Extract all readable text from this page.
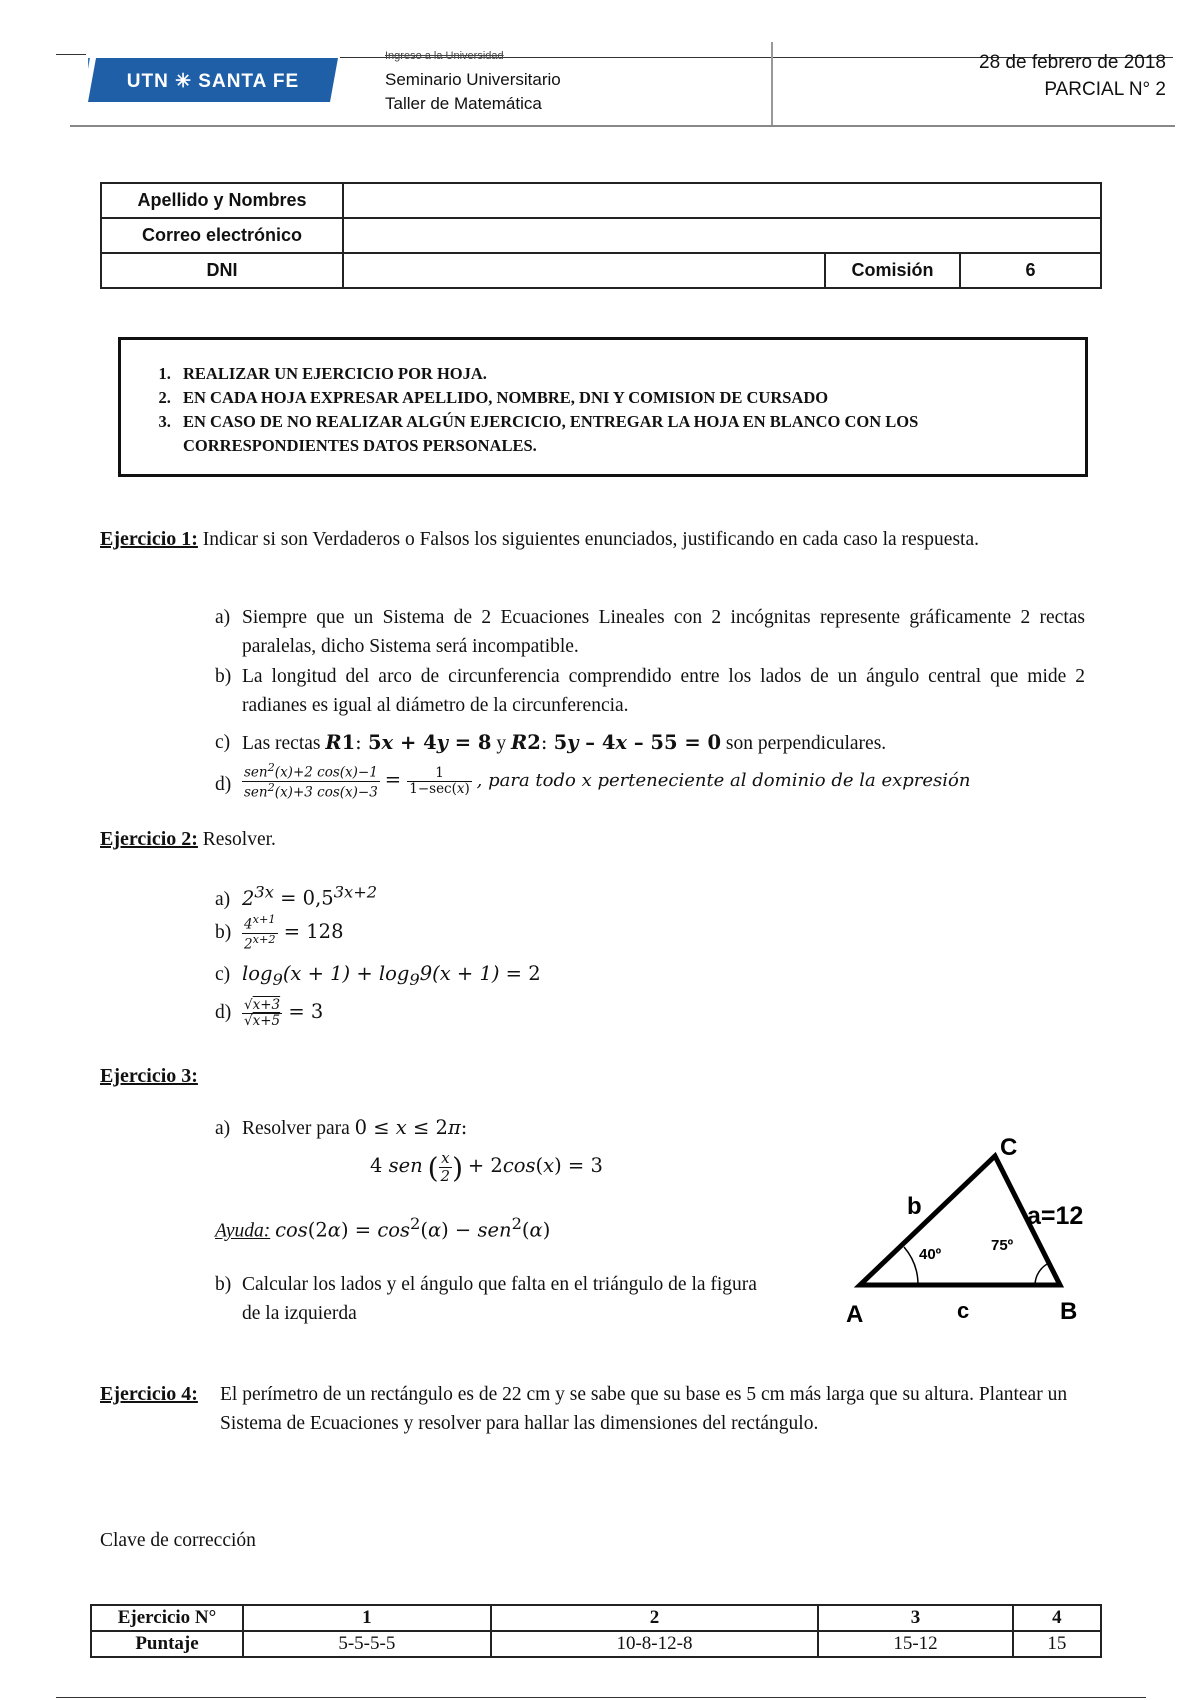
UTN ✳ SANTA FE
Ingreso a la Universidad
Seminario Universitario
Taller de Matemática
28 de febrero de 2018
PARCIAL N° 2
Apellido y Nombres			
Correo electrónico			
DNI		Comisión	6
1. REALIZAR UN EJERCICIO POR HOJA.
2. EN CADA HOJA EXPRESAR APELLIDO, NOMBRE, DNI Y COMISION DE CURSADO
3. EN CASO DE NO REALIZAR ALGÚN EJERCICIO, ENTREGAR LA HOJA EN BLANCO CON LOS CORRESPONDIENTES DATOS PERSONALES.
Ejercicio 1: Indicar si son Verdaderos o Falsos los siguientes enunciados, justificando en cada caso la respuesta.
a) Siempre que un Sistema de 2 Ecuaciones Lineales con 2 incógnitas represente gráficamente 2 rectas paralelas, dicho Sistema será incompatible.
b) La longitud del arco de circunferencia comprendido entre los lados de un ángulo central que mide 2 radianes es igual al diámetro de la circunferencia.
c) Las rectas R1: 5x + 4y = 8 y R2: 5y – 4x – 55 = 0 son perpendiculares.
$d) \frac{sen^2(x)+2 \cos(x)-1}{sen^2(x)+3 \cos(x)-3} = \frac{1}{1-\sec(x)}$ , para todo x perteneciente al dominio de la expresión
Ejercicio 2: Resolver.
a) $2^{3x} = 0,5^{3x+2}$
$b) \frac{4^{x+1}}{2^{x+2}} = 128$
c) $\log_9(x + 1) + \log_99(x + 1) = 2$
$d) \frac{√x+3}{√x+5} = 3$
Ejercicio 3:
a) Resolver para 0 ≤ x ≤ 2π:
4 sen ( $\frac{x}{2}$ ) + 2cos(x) = 3
Ayuda: $\cos(2\alpha) = \cos^2(\alpha) - sen^2(\alpha)$
b) Calcular los lados y el ángulo que falta en el triángulo de la figura de la izquierda	A	B
C
a=12
b
c
40º
75º
Ejercicio 4:	El perímetro de un rectángulo es de 22 cm y se sabe que su base es 5 cm más larga que su altura. Plantear un Sistema de Ecuaciones y resolver para hallar las dimensiones del rectángulo.
Clave de corrección
Ejercicio N°	1	2	3	4
Puntaje	5-5-5-5	10-8-12-8	15-12	15
